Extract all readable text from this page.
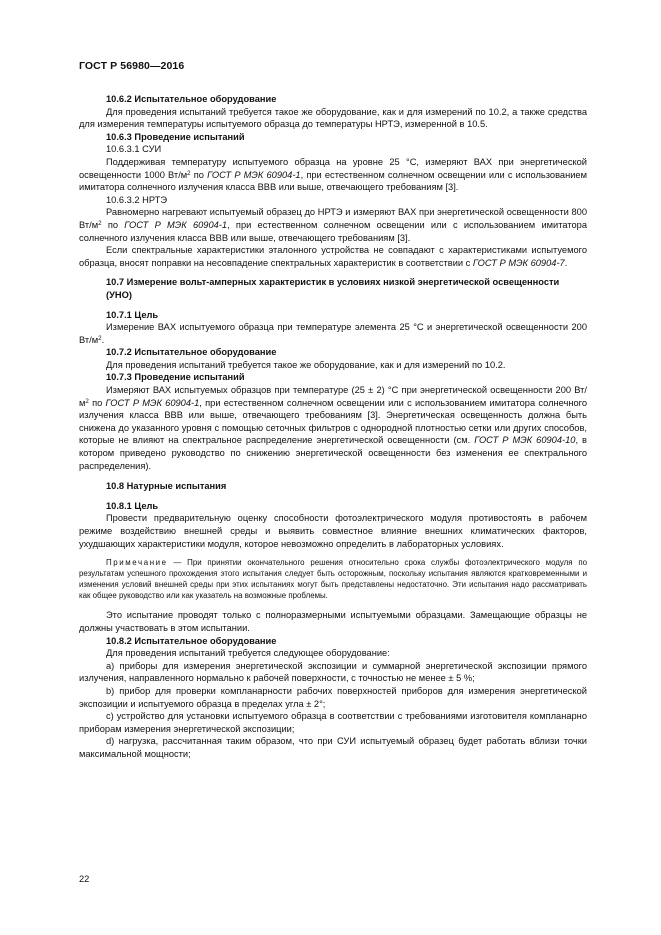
ГОСТ Р 56980—2016

10.6.2 Испытательное оборудование

Для проведения испытаний требуется такое же оборудование, как и для измерений по 10.2, а также средства для измерения температуры испытуемого образца до температуры НРТЭ, измеренной в 10.5.

10.6.3 Проведение испытаний

10.6.3.1 СУИ

Поддерживая температуру испытуемого образца на уровне 25 °С, измеряют ВАХ при энергетической освещенности 1000 $Вт/м^2$ по ГОСТ Р МЭК 60904-1, при естественном солнечном освещении или с использованием имитатора солнечного излучения класса ВВВ или выше, отвечающего требованиям [3].

10.6.3.2 НРТЭ

Равномерно нагревают испытуемый образец до НРТЭ и измеряют ВАХ при энергетической освещенности 800 $Вт/м^2$ по ГОСТ Р МЭК 60904-1, при естественном солнечном освещении или с использованием имитатора солнечного излучения класса ВВВ или выше, отвечающего требованиям [3].

Если спектральные характеристики эталонного устройства не совпадают с характеристиками испытуемого образца, вносят поправки на несовпадение спектральных характеристик в соответствии с ГОСТ Р МЭК 60904-7.

10.7 Измерение вольт-амперных характеристик в условиях низкой энергетической освещенности (УНО)

10.7.1 Цель

Измерение ВАХ испытуемого образца при температуре элемента 25 °С и энергетической освещенности 200 $Вт/м^2$.

10.7.2 Испытательное оборудование

Для проведения испытаний требуется такое же оборудование, как и для измерений по 10.2.

10.7.3 Проведение испытаний

Измеряют ВАХ испытуемых образцов при температуре (25 ± 2) °С при энергетической освещенности 200 $Вт/м^2$ по ГОСТ Р МЭК 60904-1, при естественном солнечном освещении или с использованием имитатора солнечного излучения класса ВВВ или выше, отвечающего требованиям [3]. Энергетическая освещенность должна быть снижена до указанного уровня с помощью сеточных фильтров с однородной плотностью сетки или других способов, которые не влияют на спектральное распределение энергетической освещенности (см. ГОСТ Р МЭК 60904-10, в котором приведено руководство по снижению энергетической освещенности без изменения ее спектрального распределения).

10.8 Натурные испытания

10.8.1 Цель

Провести предварительную оценку способности фотоэлектрического модуля противостоять в рабочем режиме воздействию внешней среды и выявить совместное влияние внешних климатических факторов, ухудшающих характеристики модуля, которое невозможно определить в лабораторных условиях.

Примечание — При принятии окончательного решения относительно срока службы фотоэлектрического модуля по результатам успешного прохождения этого испытания следует быть осторожным, поскольку испытания являются кратковременными и изменения условий внешней среды при этих испытаниях могут быть представлены недостаточно. Эти испытания надо рассматривать как общее руководство или как указатель на возможные проблемы.

Это испытание проводят только с полноразмерными испытуемыми образцами. Замещающие образцы не должны участвовать в этом испытании.

10.8.2 Испытательное оборудование

Для проведения испытаний требуется следующее оборудование:

а) приборы для измерения энергетической экспозиции и суммарной энергетической экспозиции прямого излучения, направленного нормально к рабочей поверхности, с точностью не менее ± 5 %;

b) прибор для проверки компланарности рабочих поверхностей приборов для измерения энергетической экспозиции и испытуемого образца в пределах угла ± 2°;

c) устройство для установки испытуемого образца в соответствии с требованиями изготовителя компланарно приборам измерения энергетической экспозиции;

d) нагрузка, рассчитанная таким образом, что при СУИ испытуемый образец будет работать вблизи точки максимальной мощности;

22
